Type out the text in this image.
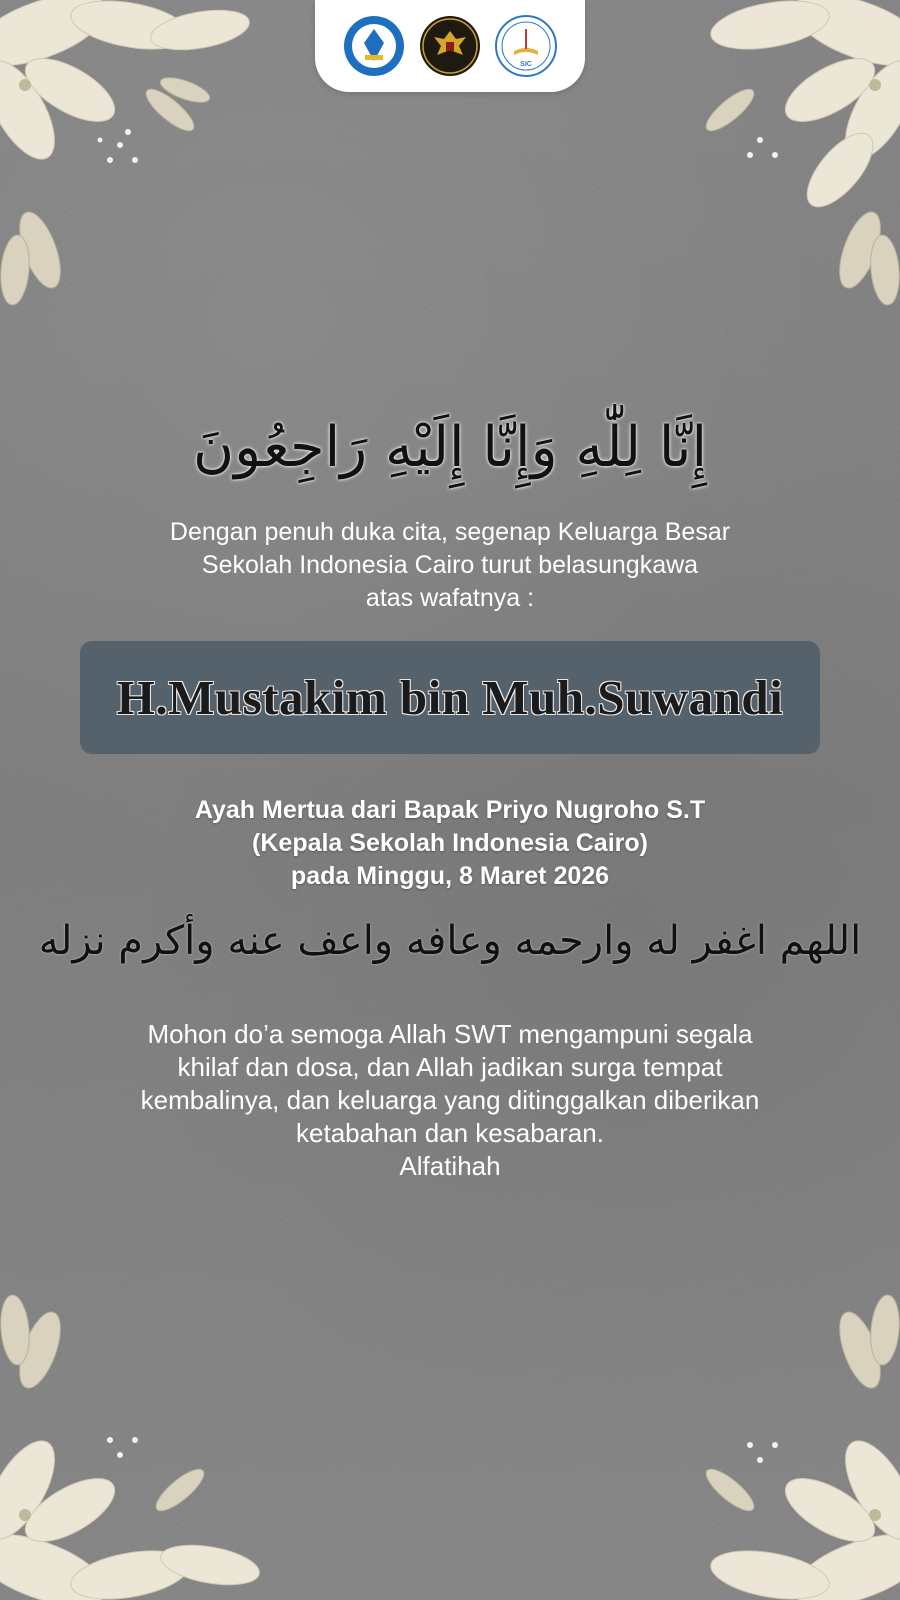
SIC
إِنَّا لِلّٰهِ وَإِنَّا إِلَيْهِ رَاجِعُونَ
Dengan penuh duka cita, segenap Keluarga Besar
Sekolah Indonesia Cairo turut belasungkawa
atas wafatnya :
H.Mustakim bin Muh.Suwandi
Ayah Mertua dari Bapak Priyo Nugroho S.T
(Kepala Sekolah Indonesia Cairo)
pada Minggu, 8 Maret 2026
اللهم اغفر له وارحمه وعافه واعف عنه وأكرم نزله
Mohon do’a semoga Allah SWT mengampuni segala
khilaf dan dosa, dan Allah jadikan surga tempat
kembalinya, dan keluarga yang ditinggalkan diberikan
ketabahan dan kesabaran.
Alfatihah
